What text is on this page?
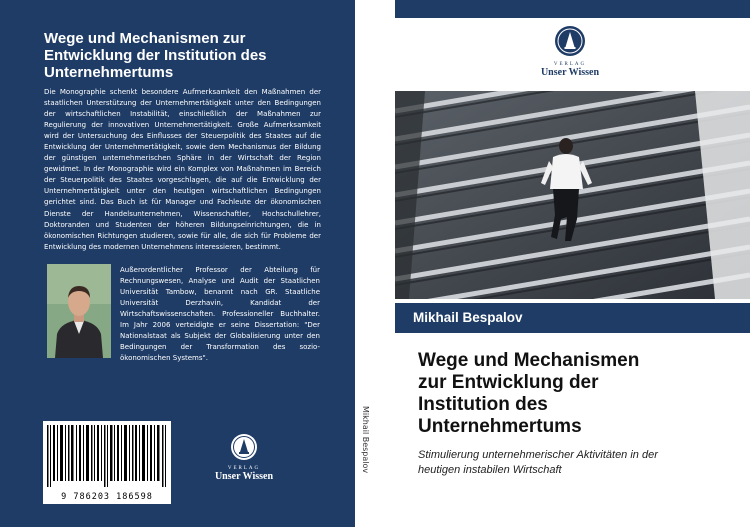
Wege und Mechanismen zur
Entwicklung der Institution des
Unternehmertums
Die Monographie schenkt besondere Aufmerksamkeit den Maßnahmen der staatlichen Unterstützung der Unternehmertätigkeit unter den Bedingungen der wirtschaftlichen Instabilität, einschließlich der Maßnahmen zur Regulierung der innovativen Unternehmertätigkeit. Große Aufmerksamkeit wird der Untersuchung des Einflusses der Steuerpolitik des Staates auf die Entwicklung der Unternehmertätigkeit, sowie dem Mechanismus der Bildung der günstigen unternehmerischen Sphäre in der Wirtschaft der Region gewidmet. In der Monographie wird ein Komplex von Maßnahmen im Bereich der Steuerpolitik des Staates vorgeschlagen, die auf die Entwicklung der Unternehmertätigkeit unter den heutigen wirtschaftlichen Bedingungen gerichtet sind. Das Buch ist für Manager und Fachleute der ökonomischen Dienste der Handelsunternehmen, Wissenschaftler, Hochschullehrer, Doktoranden und Studenten der höheren Bildungseinrichtungen, die in ökonomischen Richtungen studieren, sowie für alle, die sich für Probleme der Entwicklung des modernen Unternehmens interessieren, bestimmt.
Außerordentlicher Professor der Abteilung für Rechnungswesen, Analyse und Audit der Staatlichen Universität Tambow, benannt nach GR. Staatliche Universität Derzhavin, Kandidat der Wirtschaftswissenschaften. Professioneller Buchhalter. Im Jahr 2006 verteidigte er seine Dissertation: "Der Nationalstaat als Subjekt der Globalisierung unter den Bedingungen der Transformation des sozio-ökonomischen Systems".
9 786203 186598
VERLAG
Unser Wissen
Mikhail Bespalov
VERLAG
Unser Wissen
Mikhail Bespalov
Wege und Mechanismen
zur Entwicklung der
Institution des
Unternehmertums
Stimulierung unternehmerischer Aktivitäten in der
heutigen instabilen Wirtschaft
